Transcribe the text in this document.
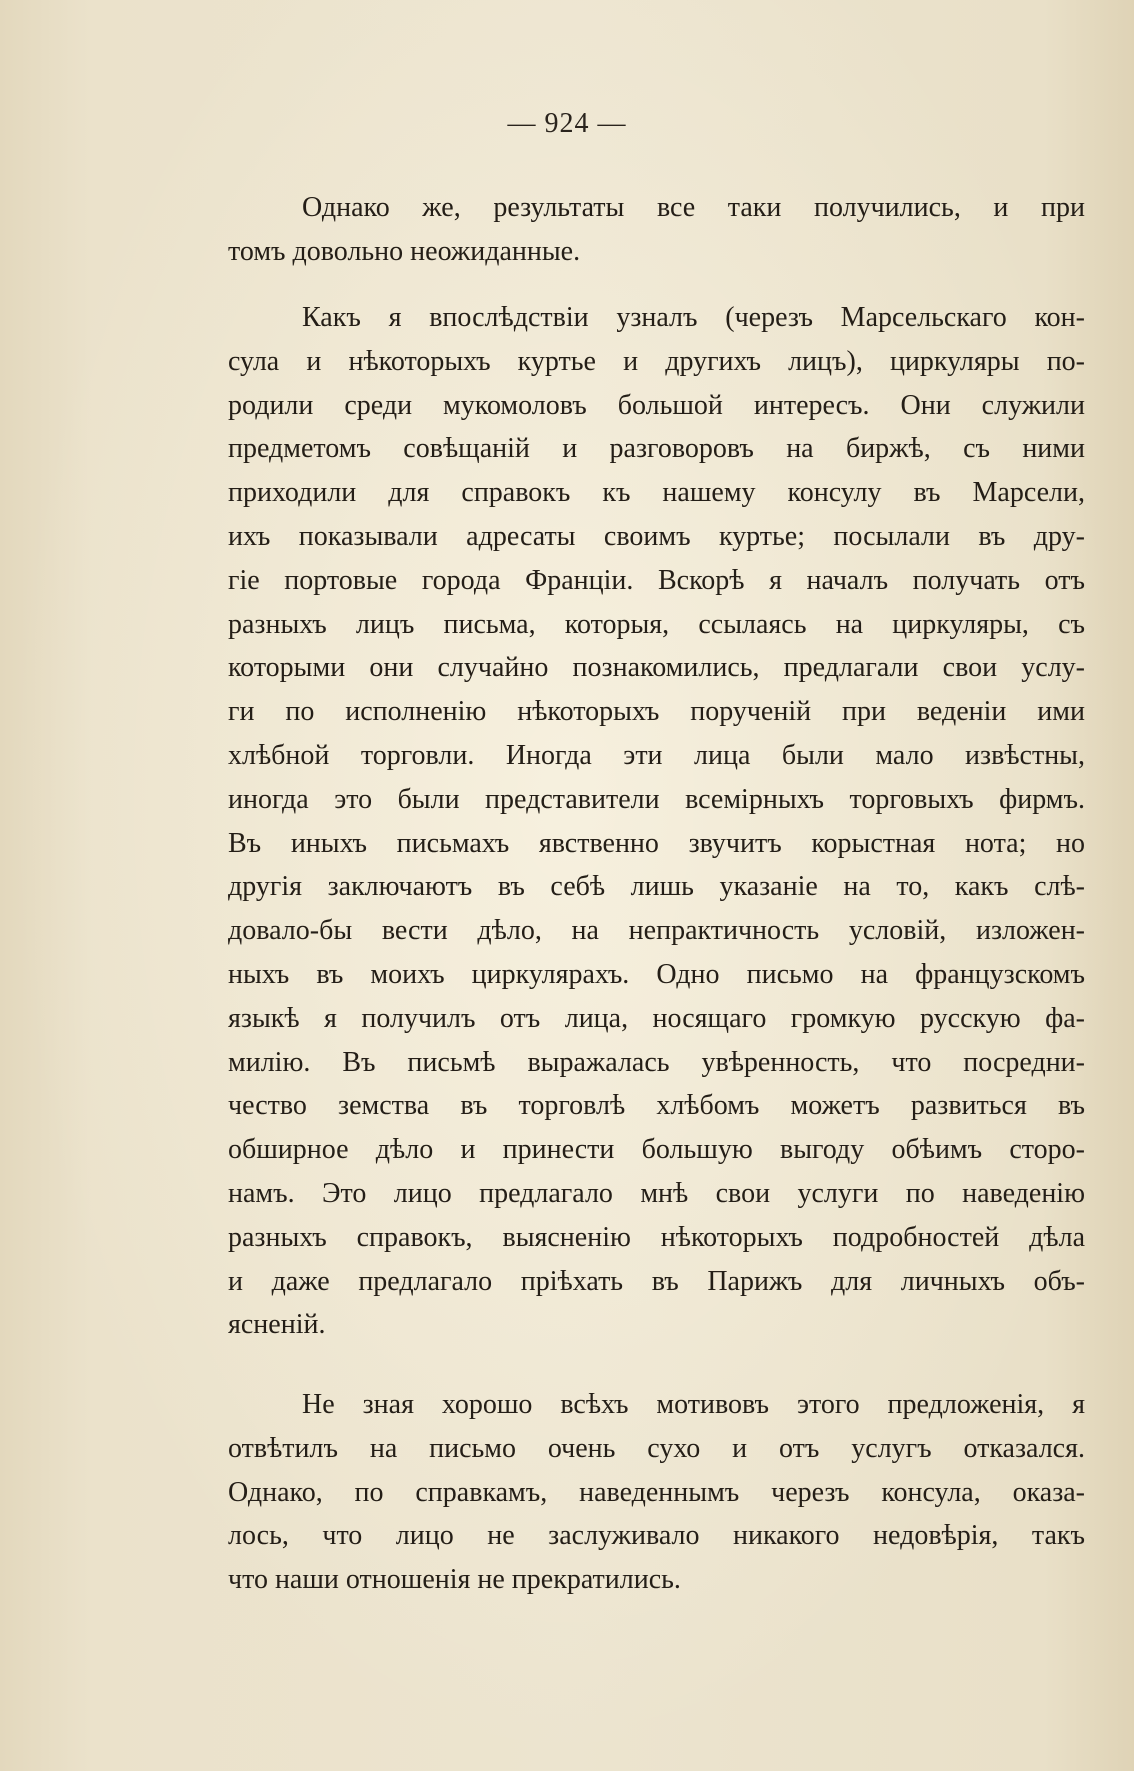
— 924 —
Однако же, результаты все таки получились, и при
томъ довольно неожиданные.
Какъ я впослѣдствіи узналъ (черезъ Марсельскаго кон-
сула и нѣкоторыхъ куртье и другихъ лицъ), циркуляры по-
родили среди мукомоловъ большой интересъ. Они служили
предметомъ совѣщаній и разговоровъ на биржѣ, съ ними
приходили для справокъ къ нашему консулу въ Марсели,
ихъ показывали адресаты своимъ куртье; посылали въ дру-
гіе портовые города Франціи. Вскорѣ я началъ получать отъ
разныхъ лицъ письма, которыя, ссылаясь на циркуляры, съ
которыми они случайно познакомились, предлагали свои услу-
ги по исполненію нѣкоторыхъ порученій при веденіи ими
хлѣбной торговли. Иногда эти лица были мало извѣстны,
иногда это были представители всемірныхъ торговыхъ фирмъ.
Въ иныхъ письмахъ явственно звучитъ корыстная нота; но
другія заключаютъ въ себѣ лишь указаніе на то, какъ слѣ-
довало-бы вести дѣло, на непрактичность условій, изложен-
ныхъ въ моихъ циркулярахъ. Одно письмо на французскомъ
языкѣ я получилъ отъ лица, носящаго громкую русскую фа-
милію. Въ письмѣ выражалась увѣренность, что посредни-
чество земства въ торговлѣ хлѣбомъ можетъ развиться въ
обширное дѣло и принести большую выгоду обѣимъ сторо-
намъ. Это лицо предлагало мнѣ свои услуги по наведенію
разныхъ справокъ, выясненію нѣкоторыхъ подробностей дѣла
и даже предлагало пріѣхать въ Парижъ для личныхъ объ-
ясненій.
Не зная хорошо всѣхъ мотивовъ этого предложенія, я
отвѣтилъ на письмо очень сухо и отъ услугъ отказался.
Однако, по справкамъ, наведеннымъ черезъ консула, оказа-
лось, что лицо не заслуживало никакого недовѣрія, такъ
что наши отношенія не прекратились.
